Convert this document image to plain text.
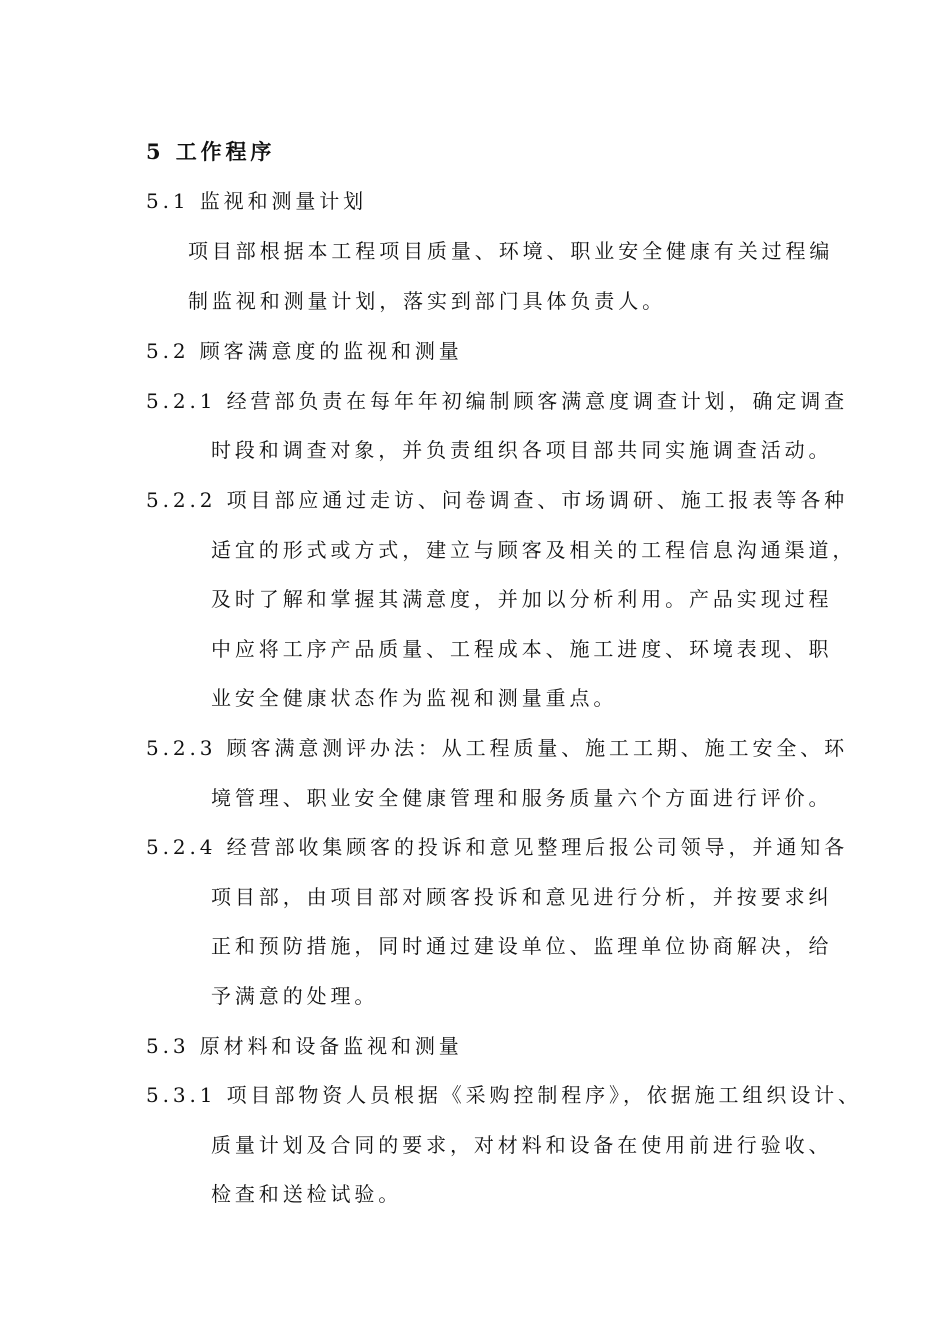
5 工作程序
5.1 监视和测量计划
项目部根据本工程项目质量、环境、职业安全健康有关过程编
制监视和测量计划，落实到部门具体负责人。
5.2 顾客满意度的监视和测量
5.2.1 经营部负责在每年年初编制顾客满意度调查计划，确定调查
时段和调查对象，并负责组织各项目部共同实施调查活动。
5.2.2 项目部应通过走访、问卷调查、市场调研、施工报表等各种
适宜的形式或方式，建立与顾客及相关的工程信息沟通渠道，
及时了解和掌握其满意度，并加以分析利用。产品实现过程
中应将工序产品质量、工程成本、施工进度、环境表现、职
业安全健康状态作为监视和测量重点。
5.2.3 顾客满意测评办法：从工程质量、施工工期、施工安全、环
境管理、职业安全健康管理和服务质量六个方面进行评价。
5.2.4 经营部收集顾客的投诉和意见整理后报公司领导，并通知各
项目部，由项目部对顾客投诉和意见进行分析，并按要求纠
正和预防措施，同时通过建设单位、监理单位协商解决，给
予满意的处理。
5.3 原材料和设备监视和测量
5.3.1 项目部物资人员根据《采购控制程序》，依据施工组织设计、
质量计划及合同的要求，对材料和设备在使用前进行验收、
检查和送检试验。
